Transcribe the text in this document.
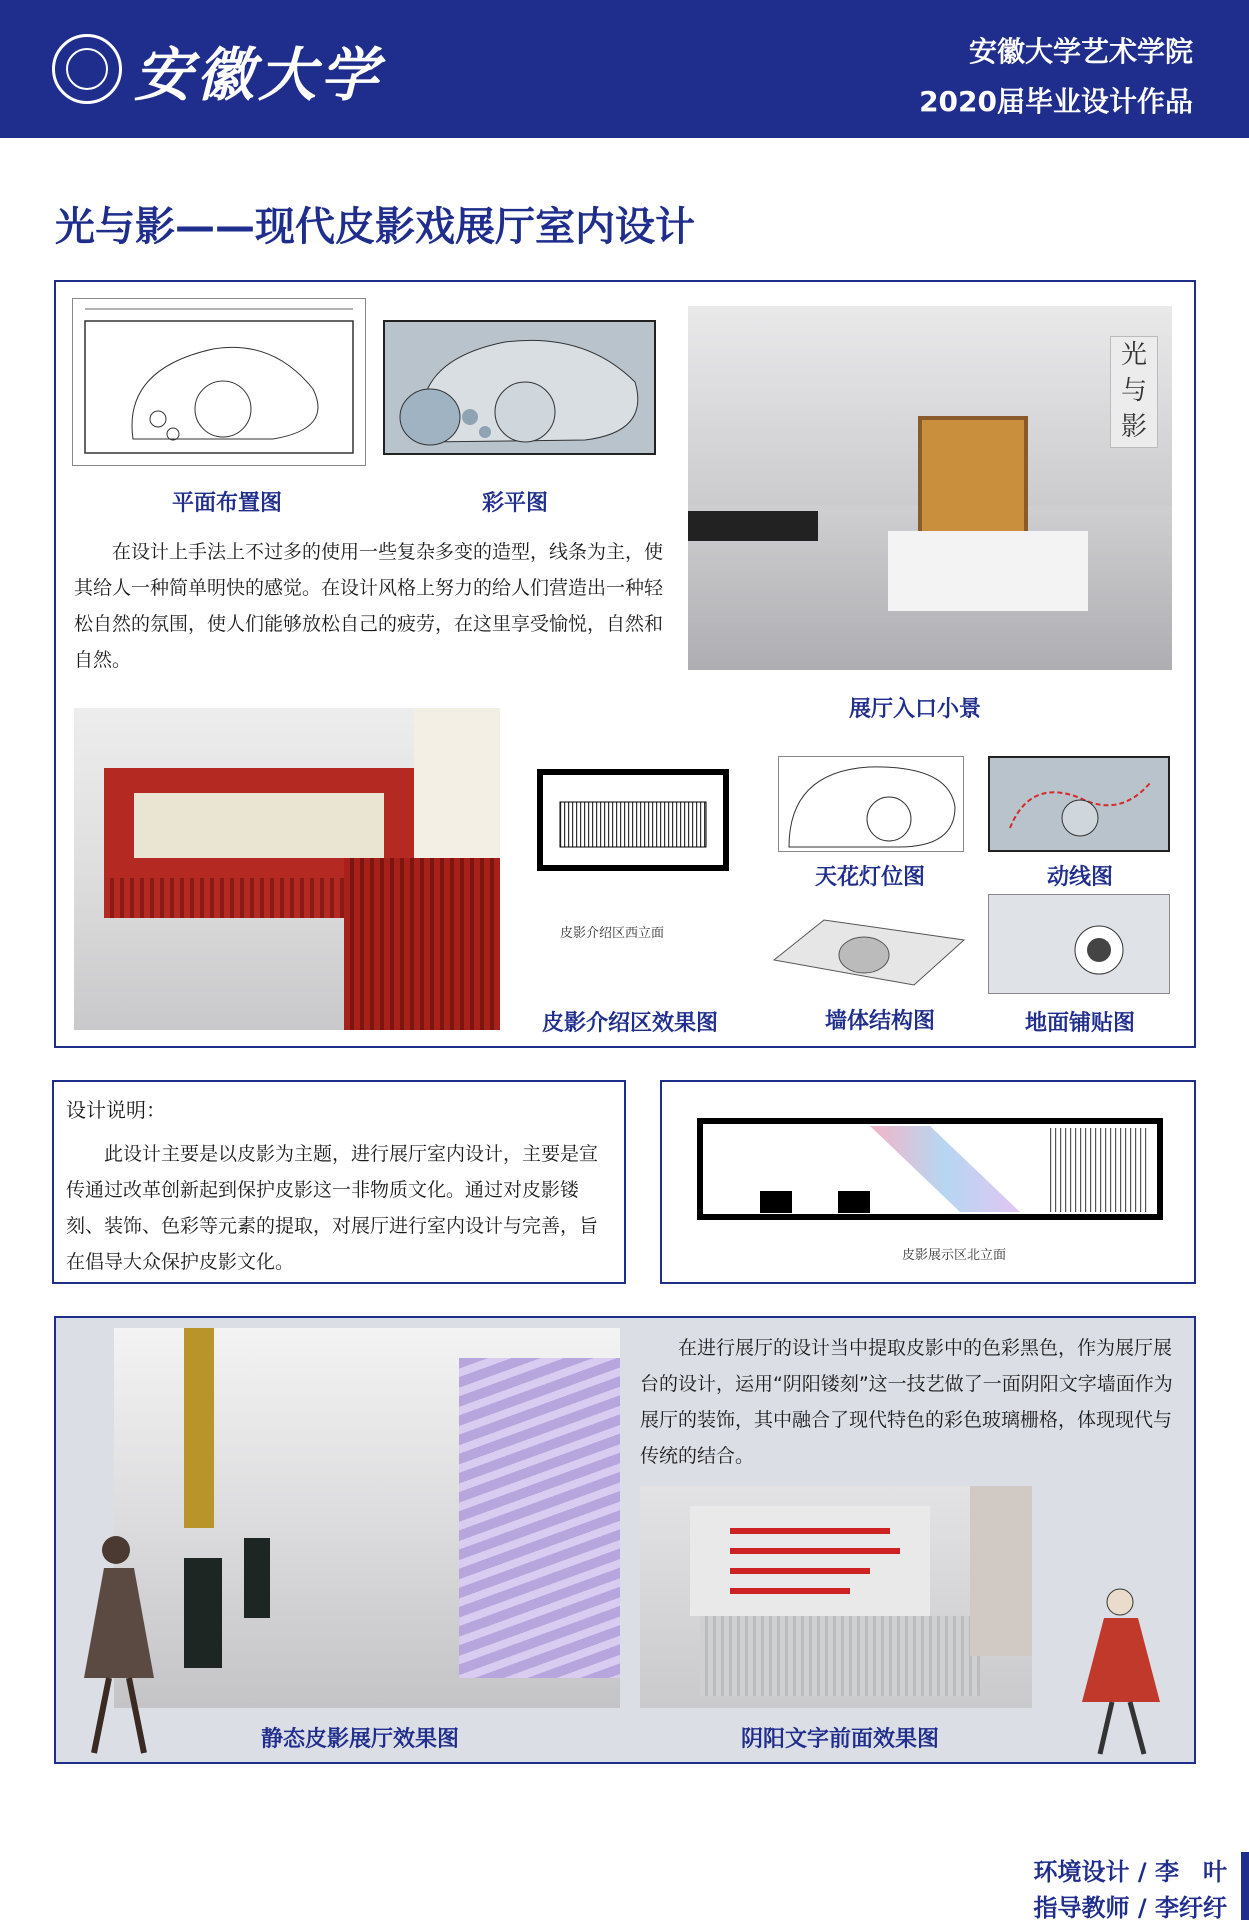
安徽大学	安徽大学艺术学院
2020届毕业设计作品
光与影——现代皮影戏展厅室内设计
平面布置图	彩平图
在设计上手法上不过多的使用一些复杂多变的造型，线条为主，使其给人一种简单明快的感觉。在设计风格上努力的给人们营造出一种轻松自然的氛围，使人们能够放松自己的疲劳，在这里享受愉悦，自然和自然。
光与影
展厅入口小景
皮影介绍区西立面
皮影介绍区效果图
天花灯位图	动线图
墙体结构图	地面铺贴图
设计说明：
此设计主要是以皮影为主题，进行展厅室内设计，主要是宣传通过改革创新起到保护皮影这一非物质文化。通过对皮影镂刻、装饰、色彩等元素的提取，对展厅进行室内设计与完善，旨在倡导大众保护皮影文化。	皮影展示区北立面
静态皮影展厅效果图
在进行展厅的设计当中提取皮影中的色彩黑色，作为展厅展台的设计，运用“阴阳镂刻”这一技艺做了一面阴阳文字墙面作为展厅的装饰，其中融合了现代特色的彩色玻璃栅格，体现现代与传统的结合。
阴阳文字前面效果图
环境设计 / 李　叶
指导教师 / 李纡纡
